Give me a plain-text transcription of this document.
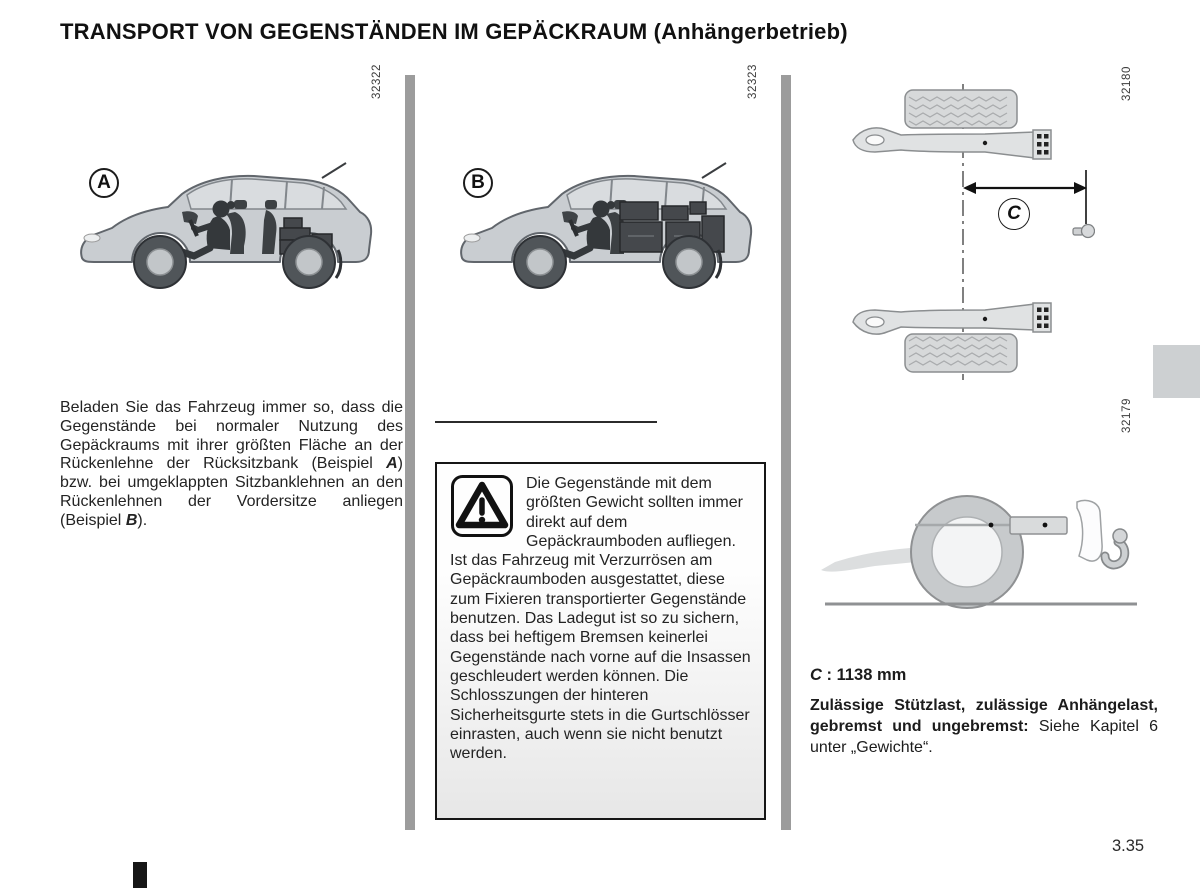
TRANSPORT VON GEGENSTÄNDEN IM GEPÄCKRAUM (Anhängerbetrieb)
32322	32323	32180
32179
A	B
C

Beladen Sie das Fahrzeug immer so, dass die Gegenstände bei normaler Nutzung des Gepäckraums mit ihrer größten Fläche an der Rückenlehne der Rücksitzbank (Beispiel A) bzw. bei umgeklappten Sitzbanklehnen an den Rückenlehnen der Vordersitze anliegen (Beispiel B).

Die Gegenstände mit dem größten Gewicht sollten immer direkt auf dem Gepäckraumboden aufliegen. Ist das Fahrzeug mit Verzurrösen am Gepäckraumboden ausgestattet, diese zum Fixieren transportierter Gegenstände benutzen. Das Ladegut ist so zu sichern, dass bei heftigem Bremsen keinerlei Gegenstände nach vorne auf die Insassen geschleudert werden können. Die Schlosszungen der hinteren Sicherheitsgurte stets in die Gurtschlösser einrasten, auch wenn sie nicht benutzt werden.
C : 1138 mm

Zulässige Stützlast, zulässige Anhängelast, gebremst und ungebremst: Siehe Kapitel 6 unter „Gewichte“.

3.35
